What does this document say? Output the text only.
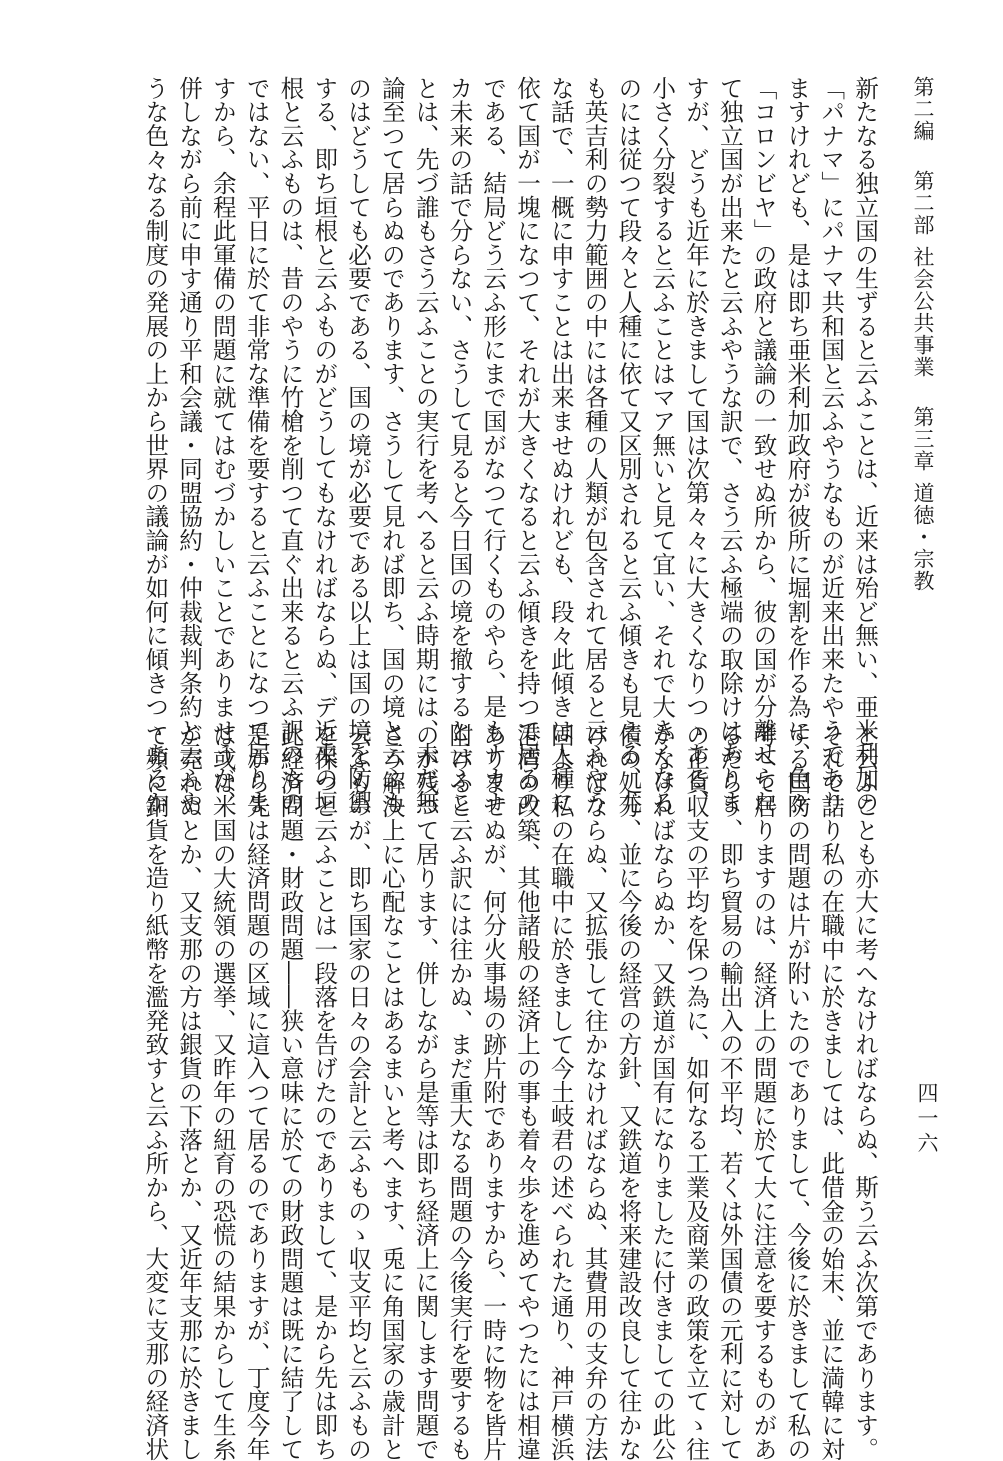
第二編第二部社会公共事業第三章道徳・宗教
四一六
新たなる独立国の生ずると云ふことは、近来は殆ど無い、亜米利加の
「パナマ」にパナマ共和国と云ふやうなものが近来出来たやうであり
ますけれども、是は即ち亜米利加政府が彼所に堀割を作る為に、色々
「コロンビヤ」の政府と議論の一致せぬ所から、彼の国が分離せられ
て独立国が出来たと云ふやうな訳で、さう云ふ極端の取除けはありま
すが、どうも近年に於きまして国は次第々々に大きくなりつゝある、
小さく分裂すると云ふことはマア無いと見て宜い、それで大きくなる
のには従つて段々と人種に依て又区別されると云ふ傾きも見える、尤
も英吉利の勢力範囲の中には各種の人類が包含されて居ると云ふやう
な話で、一概に申すことは出来ませぬけれども、段々此傾きは人種に
依て国が一塊になつて、それが大きくなると云ふ傾きを持つて居るの
である、結局どう云ふ形にまで国がなつて行くものやら、是もナカナ
カ未来の話で分らない、さうして見ると今日国の境を撤すると云ふこ
とは、先づ誰もさう云ふことの実行を考へると云ふ時期には、未だ無
論至つて居らぬのであります、さうして見れば即ち、国の境と云ふも
のはどうしても必要である、国の境が必要である以上は国の境を防禦
する、即ち垣根と云ふものがどうしてもなければならぬ、デ近来の垣
根と云ふものは、昔のやうに竹槍を削つて直ぐ出来ると云ふ訳のもの
ではない、平日に於て非常な準備を要すると云ふことになつて居りま
すから、余程此軍備の問題に就てはむづかしいことでありませうが、
併しながら前に申す通り平和会議・同盟協約・仲裁裁判条約と云ふや
うな色々なる制度の発展の上から世界の議論が如何に傾きつゝあるか
と云ふことも亦大に考へなければならぬ、斯う云ふ次第であります。
それで詰り私の在職中に於きましては、此借金の始末、並に満韓に対
する国防の問題は片が附いたのでありまして、今後に於きまして私の
考へて居りますのは、経済上の問題に於て大に注意を要するものがあ
るだらう、即ち貿易の輸出入の不平均、若くは外国債の元利に対して
の正貨収支の平均を保つ為に、如何なる工業及商業の政策を立てゝ往
かなければならぬか、又鉄道が国有になりましたに付きましての此公
債の処分、並に今後の経営の方針、又鉄道を将来建設改良して往かな
ければならぬ、又拡張して往かなければならぬ、其費用の支弁の方法
固より私の在職中に於きまして今土岐君の述べられた通り、神戸横浜
港湾の改築、其他諸般の経済上の事も着々歩を進めてやつたには相違
ありませぬが、何分火事場の跡片附でありますから、一時に物を皆片
附けると云ふ訳には往かぬ、まだ重大なる問題の今後実行を要するも
のが残つて居ります、併しながら是等は即ち経済上に関します問題で
さう解決上に心配なことはあるまいと考へます、兎に角国家の歳計と
云ふものが、即ち国家の日々の会計と云ふものゝ収支平均と云ふもの
を保つと云ふことは一段落を告げたのでありまして、是から先は即ち
此経済問題・財政問題――狭い意味に於ての財政問題は既に結了して
是から先は経済問題の区域に這入つて居るのでありますが、丁度今年
は或は米国の大統領の選挙、又昨年の紐育の恐慌の結果からして生糸
が売れぬとか、又支那の方は銀貨の下落とか、又近年支那に於きまし
て頻に銅貨を造り紙幣を濫発致すと云ふ所から、大変に支那の経済状
